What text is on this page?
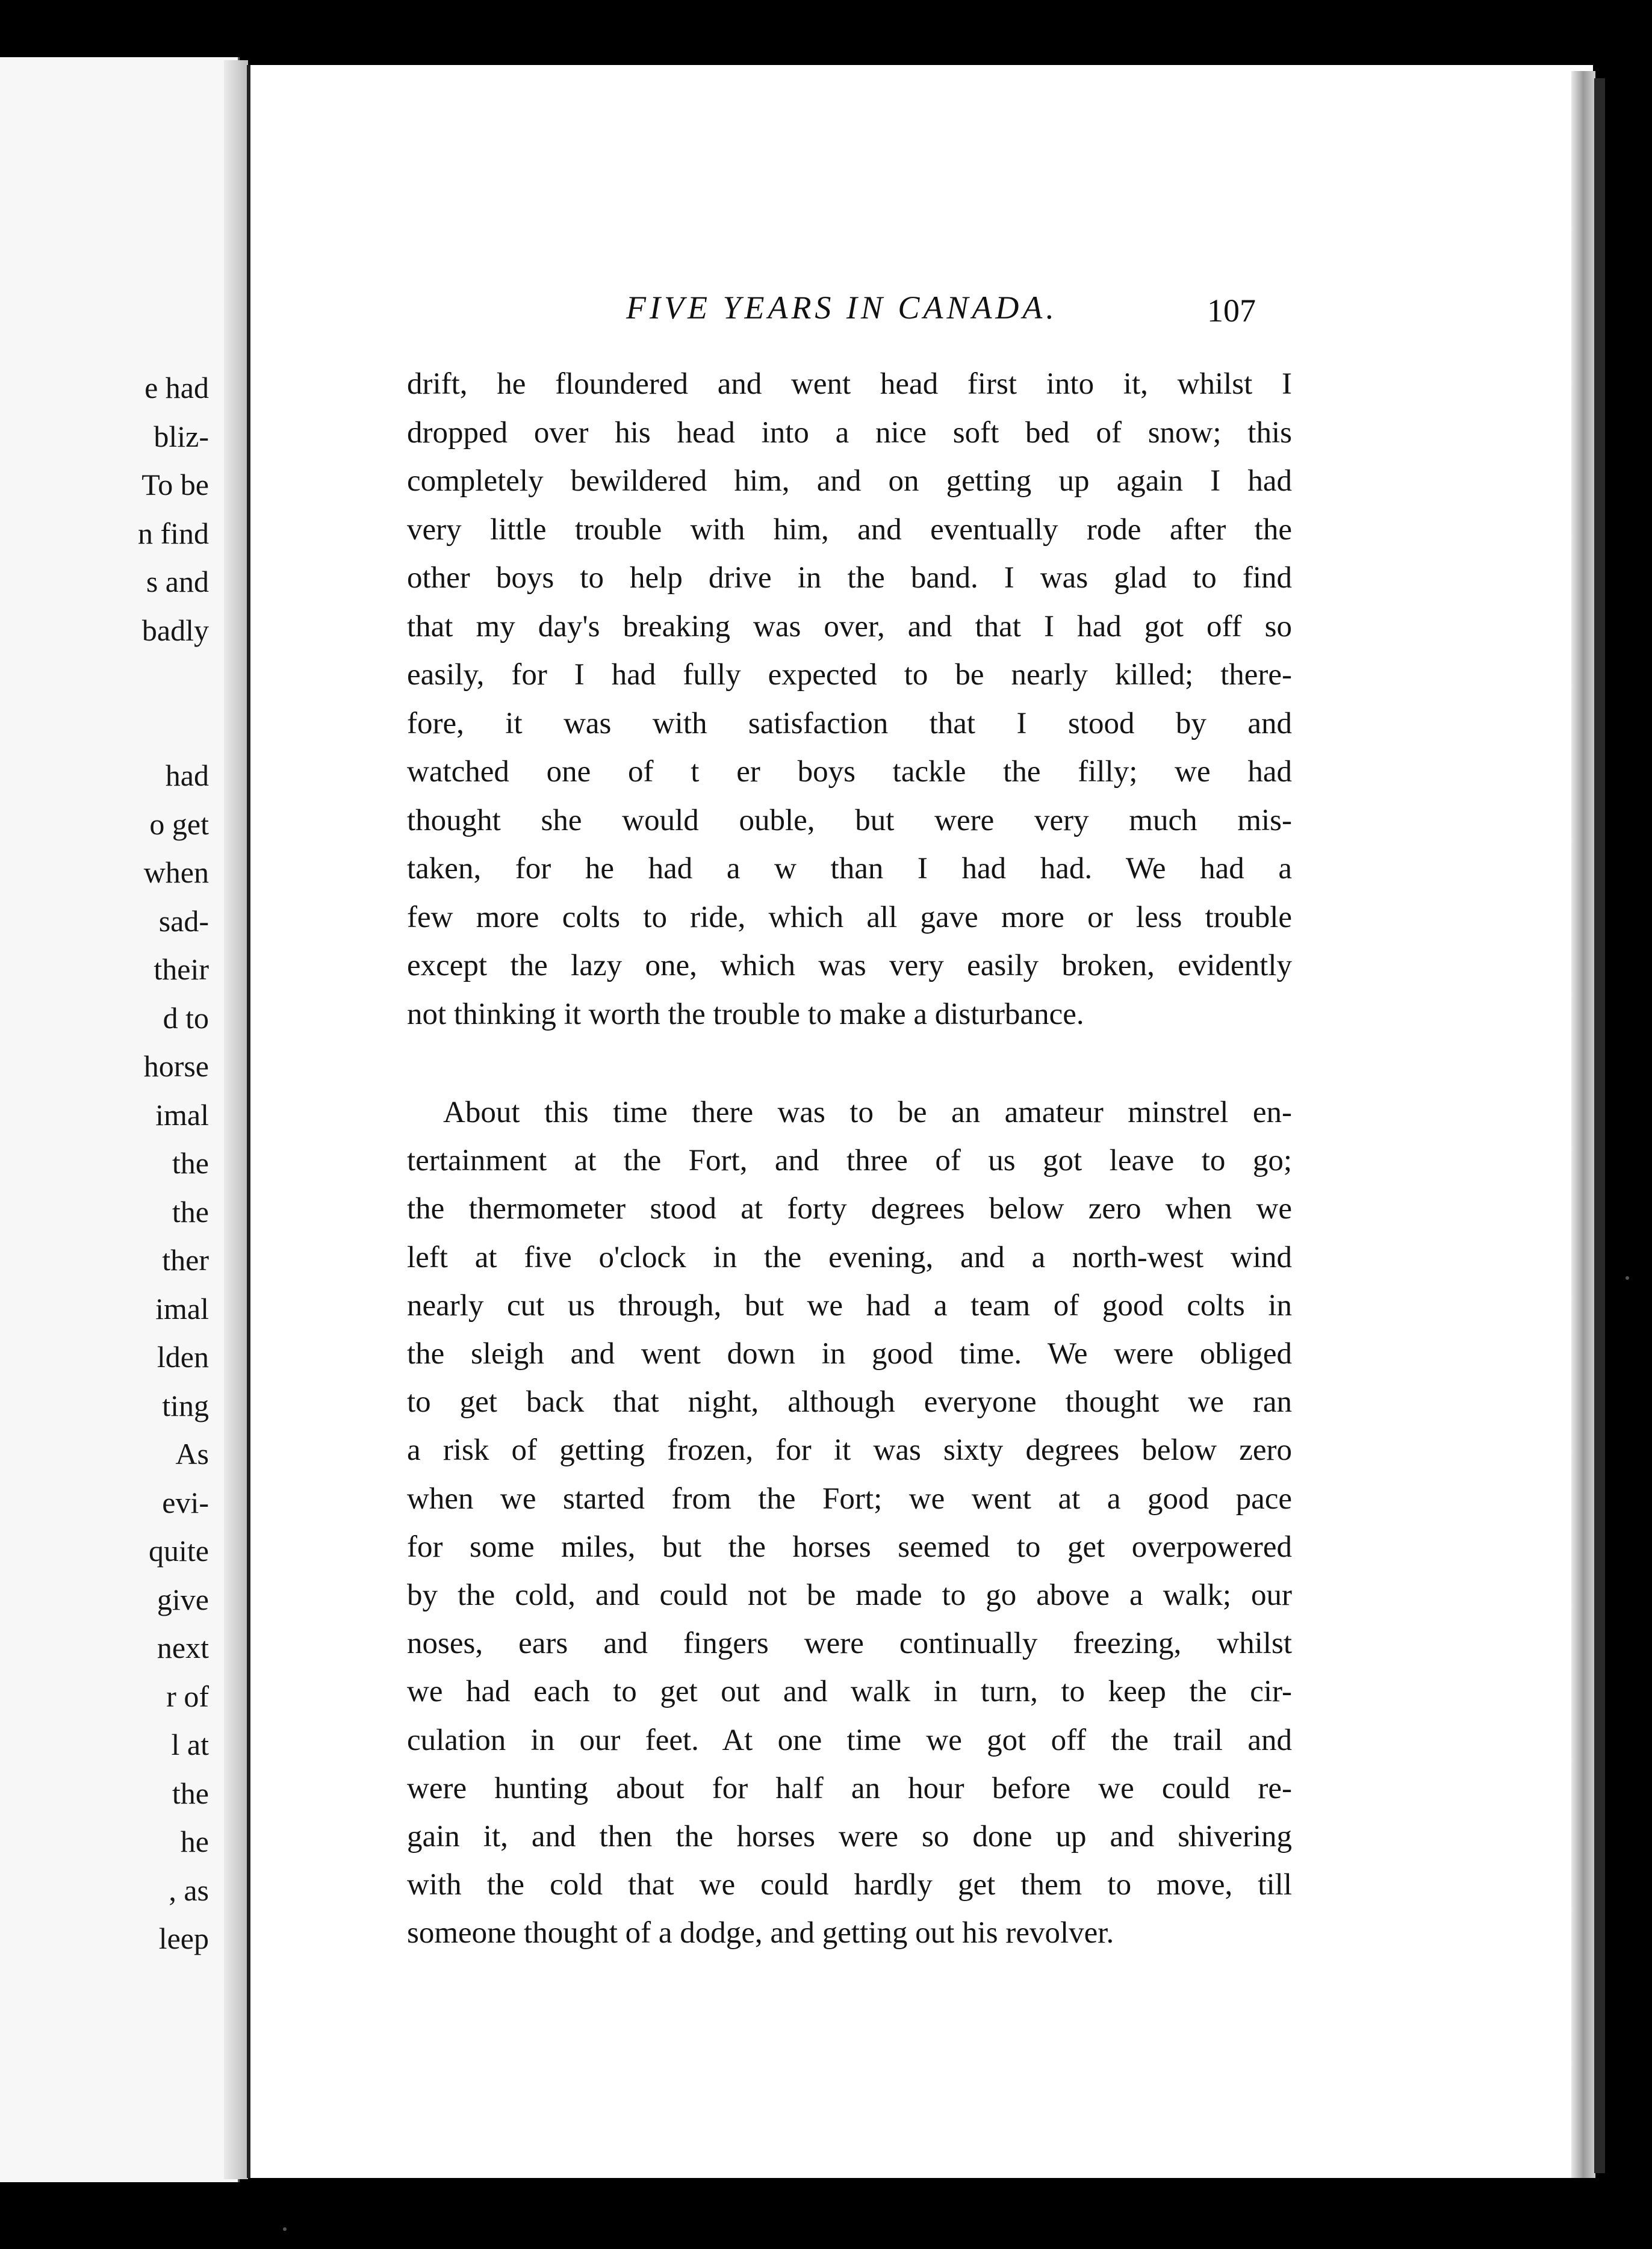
e had
bliz-
To be
n find
s and
badly
had
o get
when
sad-
their
d to
horse
imal
the
the
ther
imal
lden
ting
As
evi-
quite
give
next
r of
l at
the
he
, as
leep
FIVE YEARS IN CANADA.	107
drift, he floundered and went head first into it, whilst I
dropped over his head into a nice soft bed of snow; this
completely bewildered him, and on getting up again I had
very little trouble with him, and eventually rode after the
other boys to help drive in the band. I was glad to find
that my day's breaking was over, and that I had got off so
easily, for I had fully expected to be nearly killed; there-
fore, it was with satisfaction that I stood by and
watched one of t er boys tackle the filly; we had
thought she would ouble, but were very much mis-
taken, for he had a w than I had had. We had a
few more colts to ride, which all gave more or less trouble
except the lazy one, which was very easily broken, evidently
not thinking it worth the trouble to make a disturbance.
About this time there was to be an amateur minstrel en-
tertainment at the Fort, and three of us got leave to go;
the thermometer stood at forty degrees below zero when we
left at five o'clock in the evening, and a north-west wind
nearly cut us through, but we had a team of good colts in
the sleigh and went down in good time. We were obliged
to get back that night, although everyone thought we ran
a risk of getting frozen, for it was sixty degrees below zero
when we started from the Fort; we went at a good pace
for some miles, but the horses seemed to get overpowered
by the cold, and could not be made to go above a walk; our
noses, ears and fingers were continually freezing, whilst
we had each to get out and walk in turn, to keep the cir-
culation in our feet. At one time we got off the trail and
were hunting about for half an hour before we could re-
gain it, and then the horses were so done up and shivering
with the cold that we could hardly get them to move, till
someone thought of a dodge, and getting out his revolver.
